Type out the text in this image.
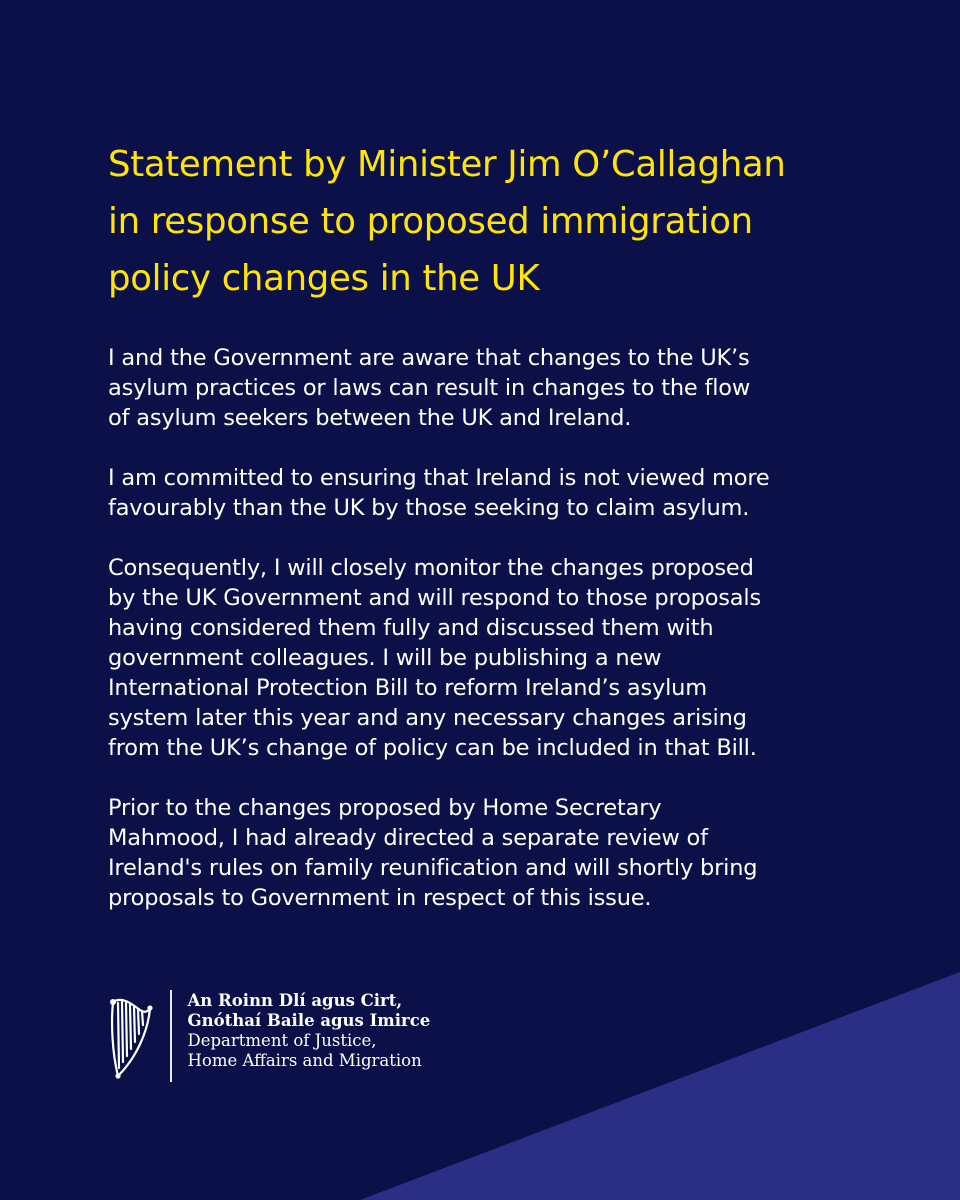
Statement by Minister Jim O’Callaghan
in response to proposed immigration
policy changes in the UK

I and the Government are aware that changes to the UK’s
asylum practices or laws can result in changes to the flow
of asylum seekers between the UK and Ireland.

I am committed to ensuring that Ireland is not viewed more
favourably than the UK by those seeking to claim asylum.

Consequently, I will closely monitor the changes proposed
by the UK Government and will respond to those proposals
having considered them fully and discussed them with
government colleagues. I will be publishing a new
International Protection Bill to reform Ireland’s asylum
system later this year and any necessary changes arising
from the UK’s change of policy can be included in that Bill.

Prior to the changes proposed by Home Secretary
Mahmood, I had already directed a separate review of
Ireland's rules on family reunification and will shortly bring
proposals to Government in respect of this issue.

An Roinn Dlí agus Cirt,
Gnóthaí Baile agus Imirce
Department of Justice,
Home Affairs and Migration
